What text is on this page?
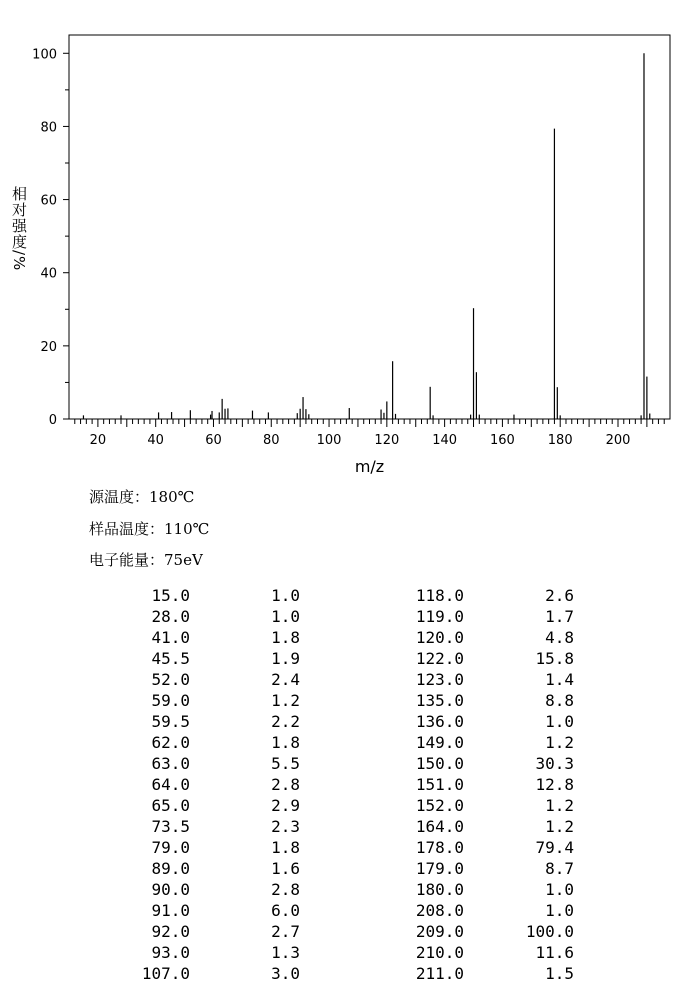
0
20
40
60
80
100
20	40	60	80	100	120	140	160	180	200
m/z
相对强度/%
源温度：180℃
样品温度：110℃
电子能量：75eV
15.0	1.0	118.0	2.6
28.0	1.0	119.0	1.7
41.0	1.8	120.0	4.8
45.5	1.9	122.0	15.8
52.0	2.4	123.0	1.4
59.0	1.2	135.0	8.8
59.5	2.2	136.0	1.0
62.0	1.8	149.0	1.2
63.0	5.5	150.0	30.3
64.0	2.8	151.0	12.8
65.0	2.9	152.0	1.2
73.5	2.3	164.0	1.2
79.0	1.8	178.0	79.4
89.0	1.6	179.0	8.7
90.0	2.8	180.0	1.0
91.0	6.0	208.0	1.0
92.0	2.7	209.0	100.0
93.0	1.3	210.0	11.6
107.0	3.0	211.0	1.5
